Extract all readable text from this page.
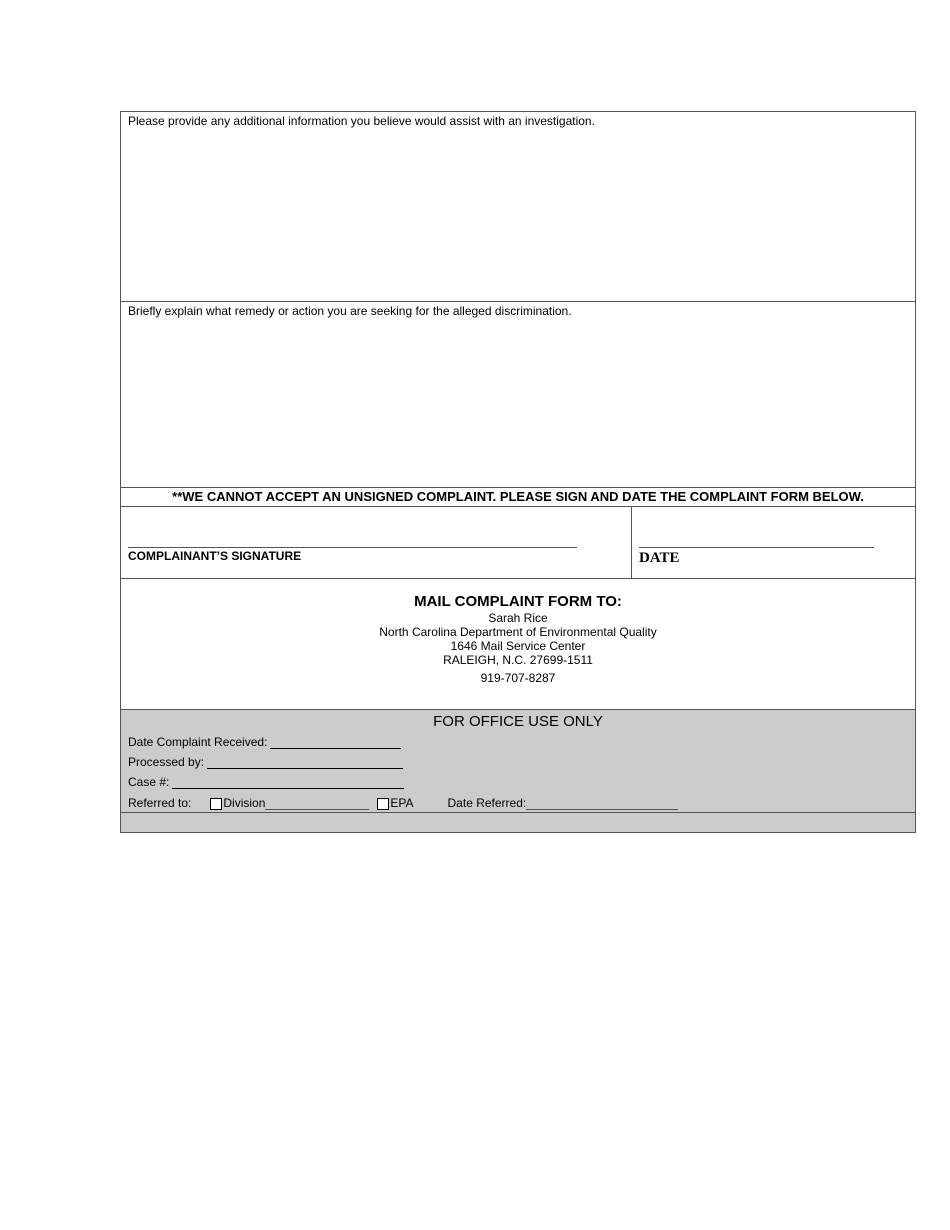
Please provide any additional information you believe would assist with an investigation.
Briefly explain what remedy or action you are seeking for the alleged discrimination.
**WE CANNOT ACCEPT AN UNSIGNED COMPLAINT. PLEASE SIGN AND DATE THE COMPLAINT FORM BELOW.
COMPLAINANT’S SIGNATURE	DATE
MAIL COMPLAINT FORM TO:
Sarah Rice
North Carolina Department of Environmental Quality
1646 Mail Service Center
RALEIGH, N.C. 27699-1511
919-707-8287
FOR OFFICE USE ONLY
Date Complaint Received:
Processed by:
Case #:
Referred to:	Division	EPA	Date Referred:
